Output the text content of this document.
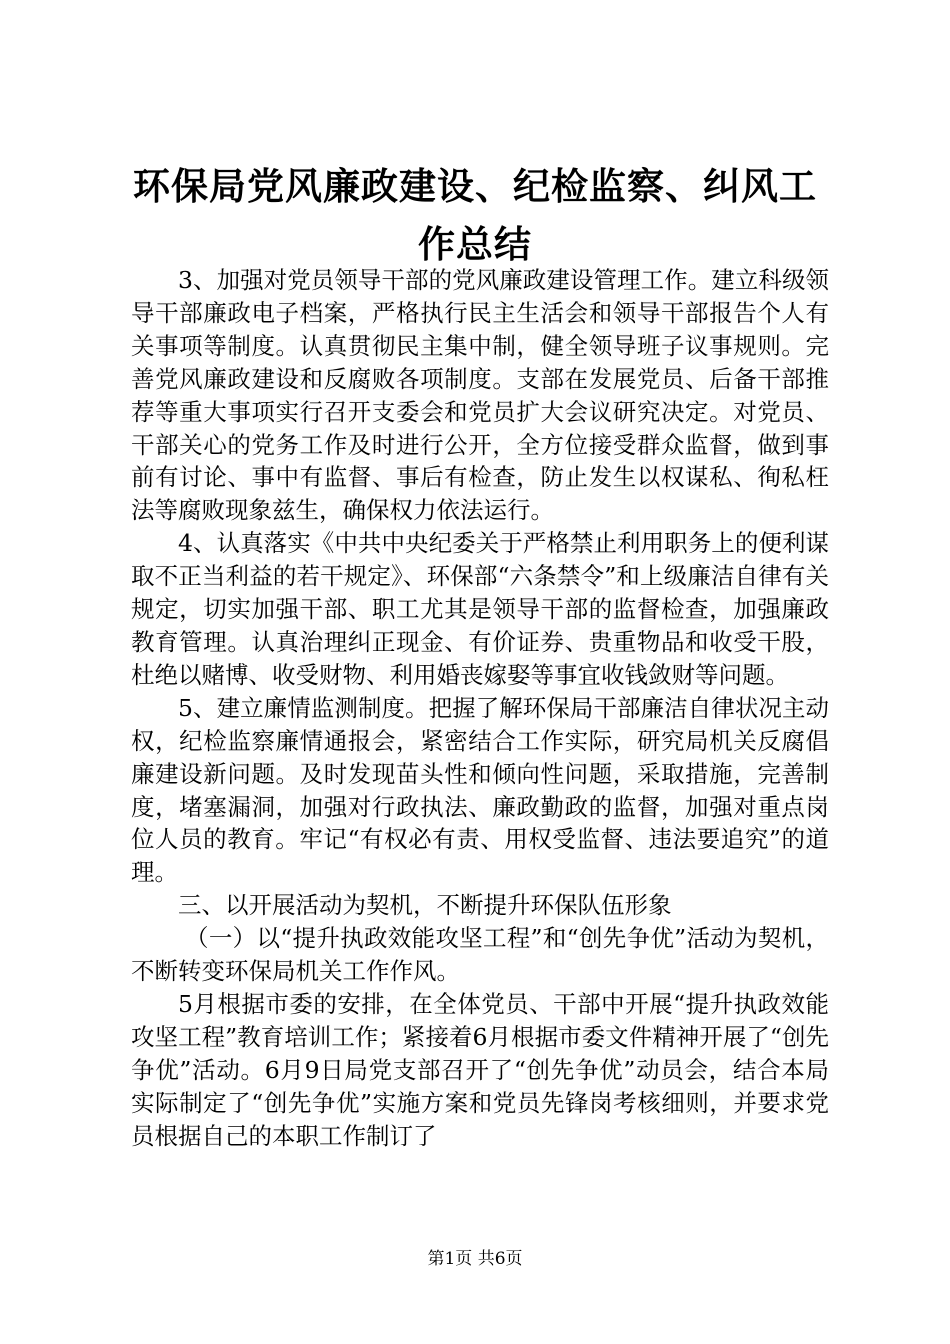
环保局党风廉政建设、纪检监察、纠风工作总结

3、加强对党员领导干部的党风廉政建设管理工作。建立科级领导干部廉政电子档案，严格执行民主生活会和领导干部报告个人有关事项等制度。认真贯彻民主集中制，健全领导班子议事规则。完善党风廉政建设和反腐败各项制度。支部在发展党员、后备干部推荐等重大事项实行召开支委会和党员扩大会议研究决定。对党员、干部关心的党务工作及时进行公开，全方位接受群众监督，做到事前有讨论、事中有监督、事后有检查，防止发生以权谋私、徇私枉法等腐败现象兹生，确保权力依法运行。

4、认真落实《中共中央纪委关于严格禁止利用职务上的便利谋取不正当利益的若干规定》、环保部“六条禁令”和上级廉洁自律有关规定，切实加强干部、职工尤其是领导干部的监督检查，加强廉政教育管理。认真治理纠正现金、有价证券、贵重物品和收受干股，杜绝以赌博、收受财物、利用婚丧嫁娶等事宜收钱敛财等问题。

5、建立廉情监测制度。把握了解环保局干部廉洁自律状况主动权，纪检监察廉情通报会，紧密结合工作实际，研究局机关反腐倡廉建设新问题。及时发现苗头性和倾向性问题，采取措施，完善制度，堵塞漏洞，加强对行政执法、廉政勤政的监督，加强对重点岗位人员的教育。牢记“有权必有责、用权受监督、违法要追究”的道理。

三、以开展活动为契机，不断提升环保队伍形象

（一）以“提升执政效能攻坚工程”和“创先争优”活动为契机，不断转变环保局机关工作作风。

5月根据市委的安排，在全体党员、干部中开展“提升执政效能攻坚工程”教育培训工作；紧接着6月根据市委文件精神开展了“创先争优”活动。6月9日局党支部召开了“创先争优”动员会，结合本局实际制定了“创先争优”实施方案和党员先锋岗考核细则，并要求党员根据自己的本职工作制订了

第1页 共6页
